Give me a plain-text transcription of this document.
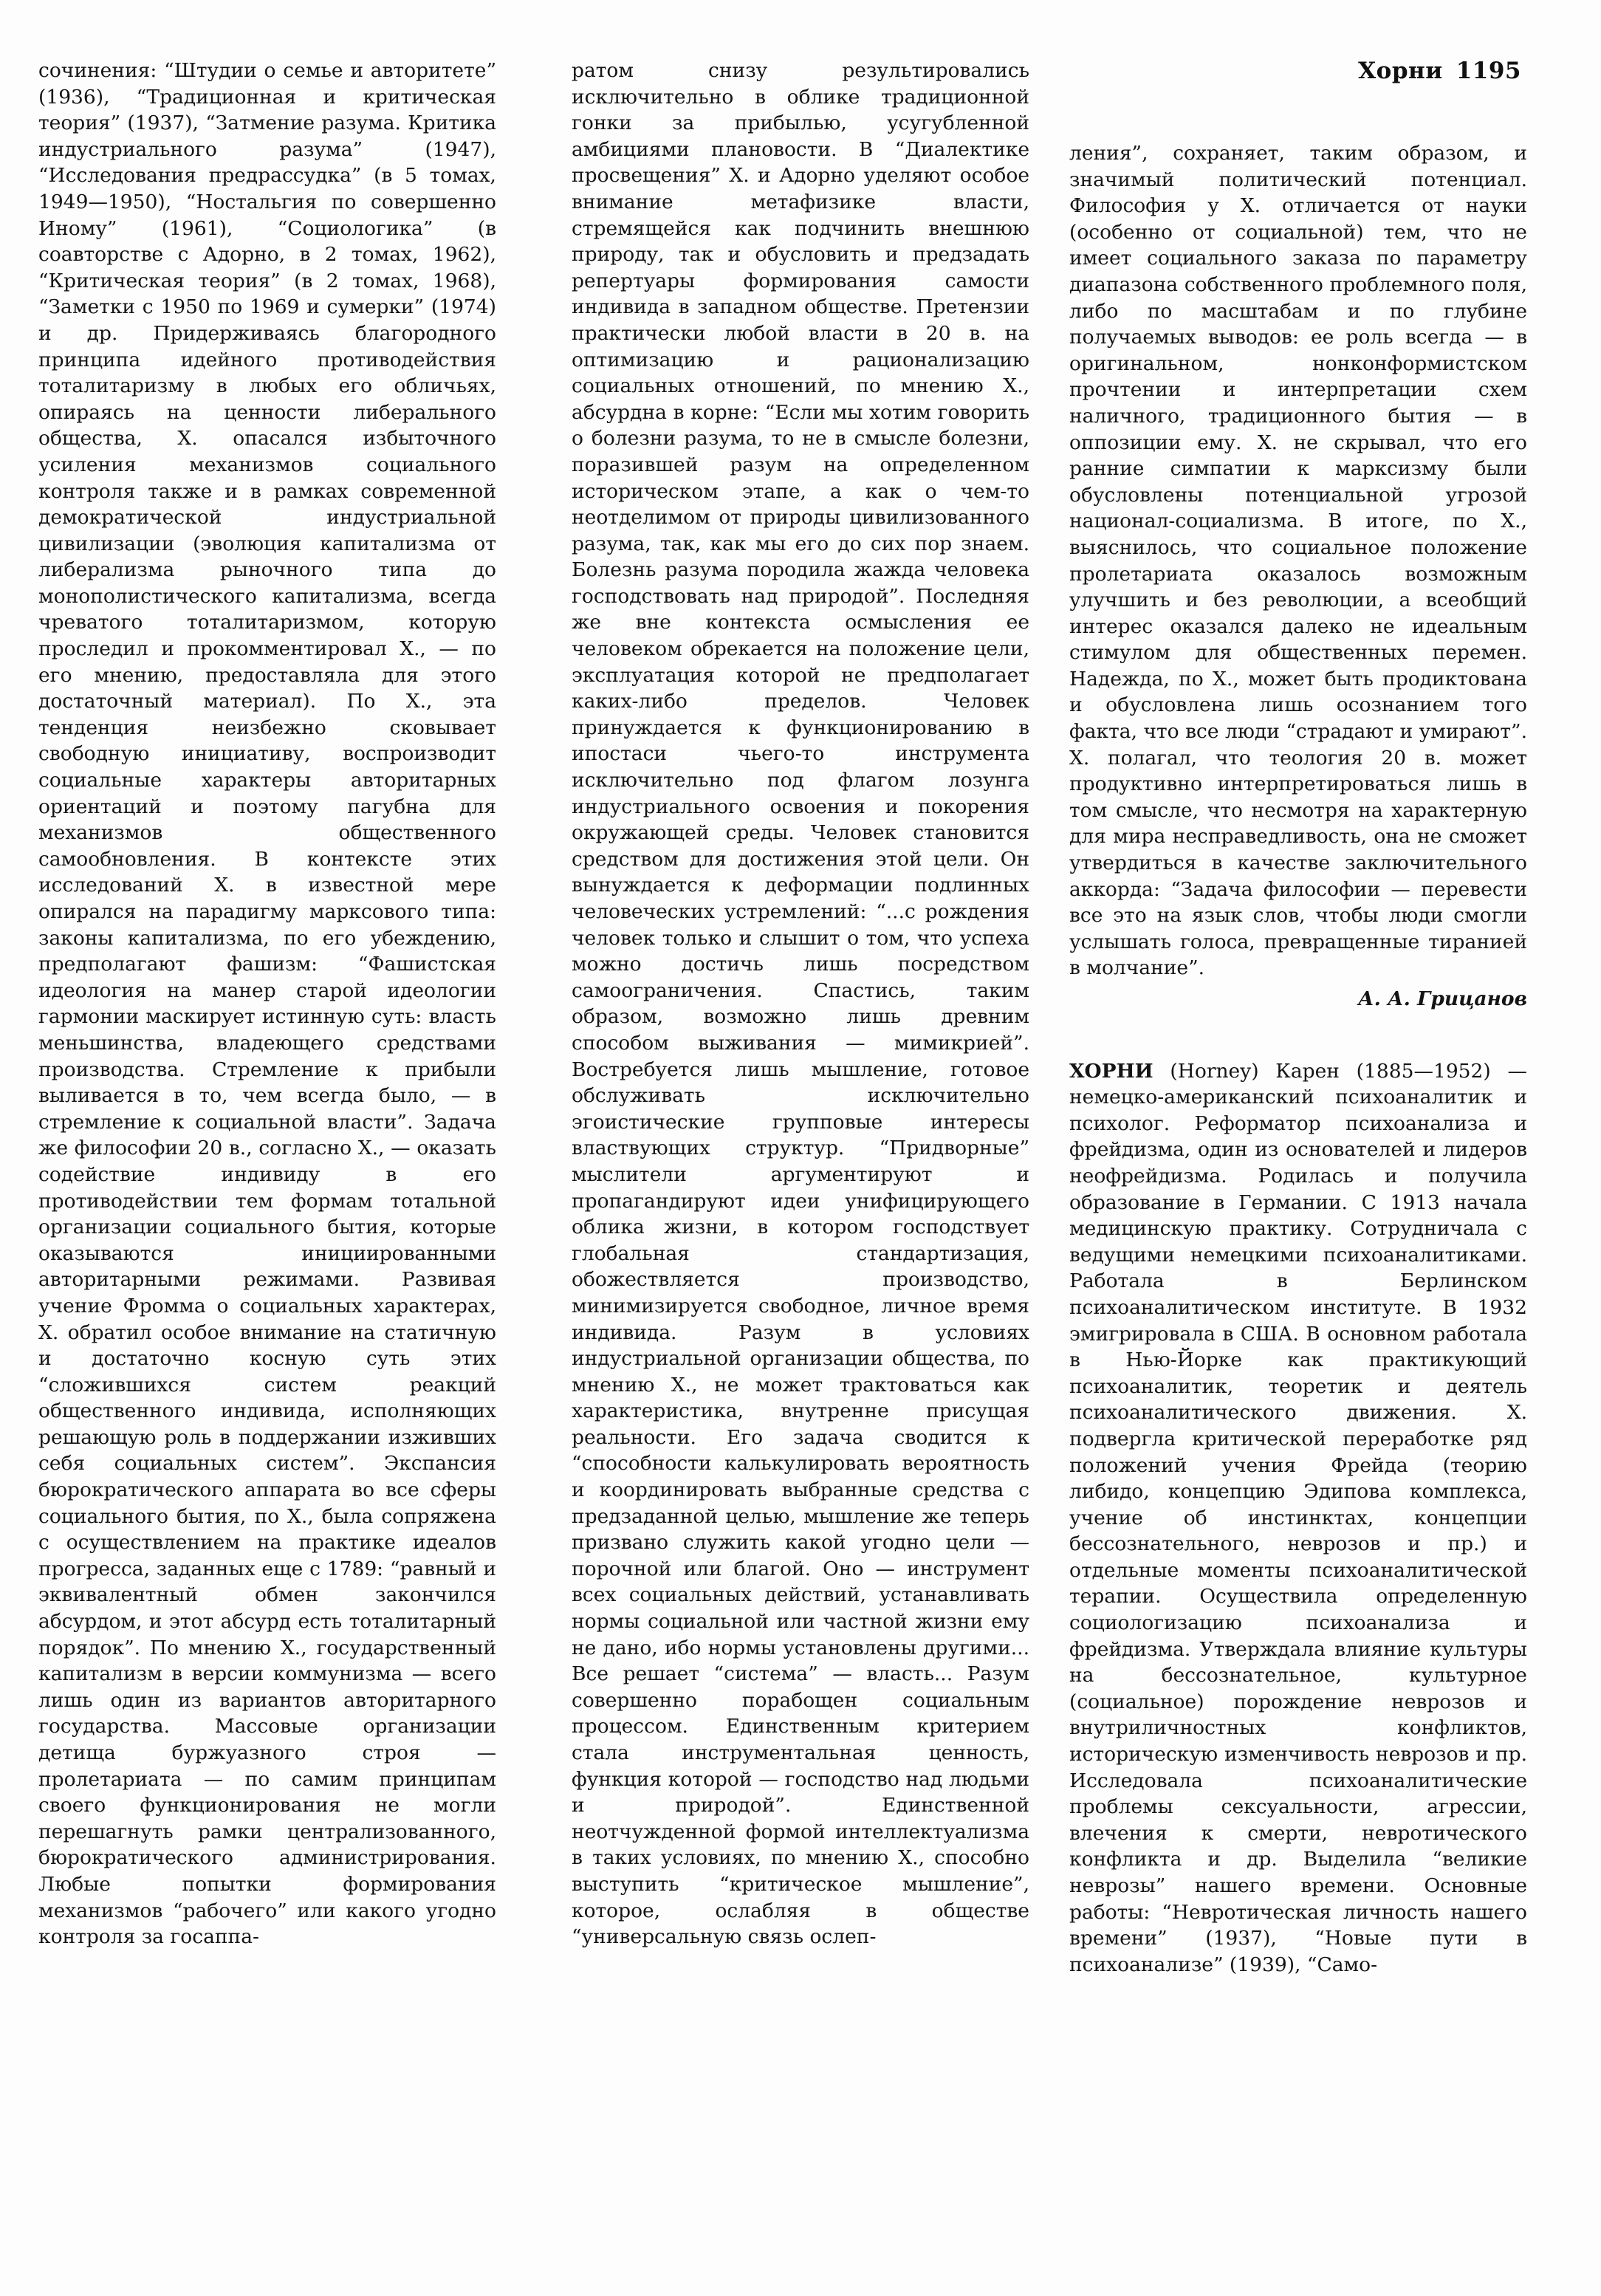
Хорни 1195

сочинения: “Штудии о семье и авторитете” (1936), “Традиционная и критическая теория” (1937), “Затмение разума. Критика индустриального разума” (1947), “Исследования предрассудка” (в 5 томах, 1949—1950), “Ностальгия по совершенно Иному” (1961), “Социологика” (в соавторстве с Адорно, в 2 томах, 1962), “Критическая теория” (в 2 томах, 1968), “Заметки с 1950 по 1969 и сумерки” (1974) и др. Придерживаясь благородного принципа идейного противодействия тоталитаризму в любых его обличьях, опираясь на ценности либерального общества, Х. опасался избыточного усиления механизмов социального контроля также и в рамках современной демократической индустриальной цивилизации (эволюция капитализма от либерализма рыночного типа до монополистического капитализма, всегда чреватого тоталитаризмом, которую проследил и прокомментировал Х., — по его мнению, предоставляла для этого достаточный материал). По Х., эта тенденция неизбежно сковывает свободную инициативу, воспроизводит социальные характеры авторитарных ориентаций и поэтому пагубна для механизмов общественного самообновления. В контексте этих исследований Х. в известной мере опирался на парадигму марксового типа: законы капитализма, по его убеждению, предполагают фашизм: “Фашистская идеология на манер старой идеологии гармонии маскирует истинную суть: власть меньшинства, владеющего средствами производства. Стремление к прибыли выливается в то, чем всегда было, — в стремление к социальной власти”. Задача же философии 20 в., согласно Х., — оказать содействие индивиду в его противодействии тем формам тотальной организации социального бытия, которые оказываются инициированными авторитарными режимами. Развивая учение Фромма о социальных характерах, Х. обратил особое внимание на статичную и достаточно косную суть этих “сложившихся систем реакций общественного индивида, исполняющих решающую роль в поддержании изживших себя социальных систем”. Экспансия бюрократического аппарата во все сферы социального бытия, по Х., была сопряжена с осуществлением на практике идеалов прогресса, заданных еще с 1789: “равный и эквивалентный обмен закончился абсурдом, и этот абсурд есть тоталитарный порядок”. По мнению Х., государственный капитализм в версии коммунизма — всего лишь один из вариантов авторитарного государства. Массовые организации детища буржуазного строя — пролетариата — по самим принципам своего функционирования не могли перешагнуть рамки централизованного, бюрократического администрирования. Любые попытки формирования механизмов “рабочего” или какого угодно контроля за госаппа-

ратом снизу результировались исключительно в облике традиционной гонки за прибылью, усугубленной амбициями плановости. В “Диалектике просвещения” Х. и Адорно уделяют особое внимание метафизике власти, стремящейся как подчинить внешнюю природу, так и обусловить и предзадать репертуары формирования самости индивида в западном обществе. Претензии практически любой власти в 20 в. на оптимизацию и рационализацию социальных отношений, по мнению Х., абсурдна в корне: “Если мы хотим говорить о болезни разума, то не в смысле болезни, поразившей разум на определенном историческом этапе, а как о чем-то неотделимом от природы цивилизованного разума, так, как мы его до сих пор знаем. Болезнь разума породила жажда человека господствовать над природой”. Последняя же вне контекста осмысления ее человеком обрекается на положение цели, эксплуатация которой не предполагает каких-либо пределов. Человек принуждается к функционированию в ипостаси чьего-то инструмента исключительно под флагом лозунга индустриального освоения и покорения окружающей среды. Человек становится средством для достижения этой цели. Он вынуждается к деформации подлинных человеческих устремлений: “...с рождения человек только и слышит о том, что успеха можно достичь лишь посредством самоограничения. Спастись, таким образом, возможно лишь древним способом выживания — мимикрией”. Востребуется лишь мышление, готовое обслуживать исключительно эгоистические групповые интересы властвующих структур. “Придворные” мыслители аргументируют и пропагандируют идеи унифицирующего облика жизни, в котором господствует глобальная стандартизация, обожествляется производство, минимизируется свободное, личное время индивида. Разум в условиях индустриальной организации общества, по мнению Х., не может трактоваться как характеристика, внутренне присущая реальности. Его задача сводится к “способности калькулировать вероятность и координировать выбранные средства с предзаданной целью, мышление же теперь призвано служить какой угодно цели — порочной или благой. Оно — инструмент всех социальных действий, устанавливать нормы социальной или частной жизни ему не дано, ибо нормы установлены другими... Все решает “система” — власть... Разум совершенно порабощен социальным процессом. Единственным критерием стала инструментальная ценность, функция которой — господство над людьми и природой”. Единственной неотчужденной формой интеллектуализма в таких условиях, по мнению Х., способно выступить “критическое мышление”, которое, ослабляя в обществе “универсальную связь ослеп-

ления”, сохраняет, таким образом, и значимый политический потенциал. Философия у Х. отличается от науки (особенно от социальной) тем, что не имеет социального заказа по параметру диапазона собственного проблемного поля, либо по масштабам и по глубине получаемых выводов: ее роль всегда — в оригинальном, нонконформистском прочтении и интерпретации схем наличного, традиционного бытия — в оппозиции ему. Х. не скрывал, что его ранние симпатии к марксизму были обусловлены потенциальной угрозой национал-социализма. В итоге, по Х., выяснилось, что социальное положение пролетариата оказалось возможным улучшить и без революции, а всеобщий интерес оказался далеко не идеальным стимулом для общественных перемен. Надежда, по Х., может быть продиктована и обусловлена лишь осознанием того факта, что все люди “страдают и умирают”. Х. полагал, что теология 20 в. может продуктивно интерпретироваться лишь в том смысле, что несмотря на характерную для мира несправедливость, она не сможет утвердиться в качестве заключительного аккорда: “Задача философии — перевести все это на язык слов, чтобы люди смогли услышать голоса, превращенные тиранией в молчание”.

А. А. Грицанов

ХОРНИ (Horney) Карен (1885—1952) — немецко-американский психоаналитик и психолог. Реформатор психоанализа и фрейдизма, один из основателей и лидеров неофрейдизма. Родилась и получила образование в Германии. С 1913 начала медицинскую практику. Сотрудничала с ведущими немецкими психоаналитиками. Работала в Берлинском психоаналитическом институте. В 1932 эмигрировала в США. В основном работала в Нью-Йорке как практикующий психоаналитик, теоретик и деятель психоаналитического движения. Х. подвергла критической переработке ряд положений учения Фрейда (теорию либидо, концепцию Эдипова комплекса, учение об инстинктах, концепции бессознательного, неврозов и пр.) и отдельные моменты психоаналитической терапии. Осуществила определенную социологизацию психоанализа и фрейдизма. Утверждала влияние культуры на бессознательное, культурное (социальное) порождение неврозов и внутриличностных конфликтов, историческую изменчивость неврозов и пр. Исследовала психоаналитические проблемы сексуальности, агрессии, влечения к смерти, невротического конфликта и др. Выделила “великие неврозы” нашего времени. Основные работы: “Невротическая личность нашего времени” (1937), “Новые пути в психоанализе” (1939), “Само-
